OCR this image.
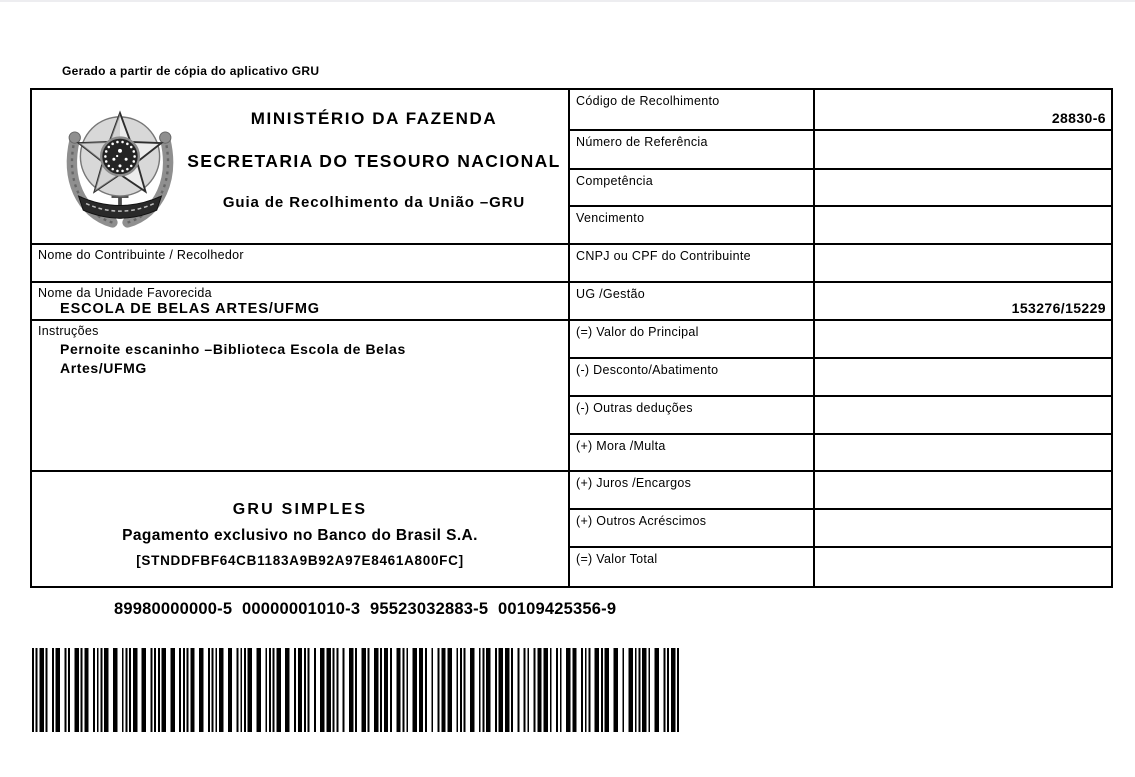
Gerado a partir de cópia do aplicativo GRU
MINISTÉRIO DA FAZENDA
SECRETARIA DO TESOURO NACIONAL
Guia de Recolhimento da União –GRU
Nome do Contribuinte / Recolhedor
Nome da Unidade Favorecida
ESCOLA DE BELAS ARTES/UFMG
Instruções
Pernoite escaninho –Biblioteca Escola de Belas Artes/UFMG
GRU SIMPLES
Pagamento exclusivo no Banco do Brasil S.A.
[STNDDFBF64CB1183A9B92A97E8461A800FC]
Código de Recolhimento
Número de Referência
Competência
Vencimento
CNPJ ou CPF do Contribuinte
UG /Gestão
(=) Valor do Principal
(-) Desconto/Abatimento
(-) Outras deduções
(+) Mora /Multa
(+) Juros /Encargos
(+) Outros Acréscimos
(=) Valor Total
28830-6
153276/15229
89980000000-5 00000001010-3 95523032883-5 00109425356-9
